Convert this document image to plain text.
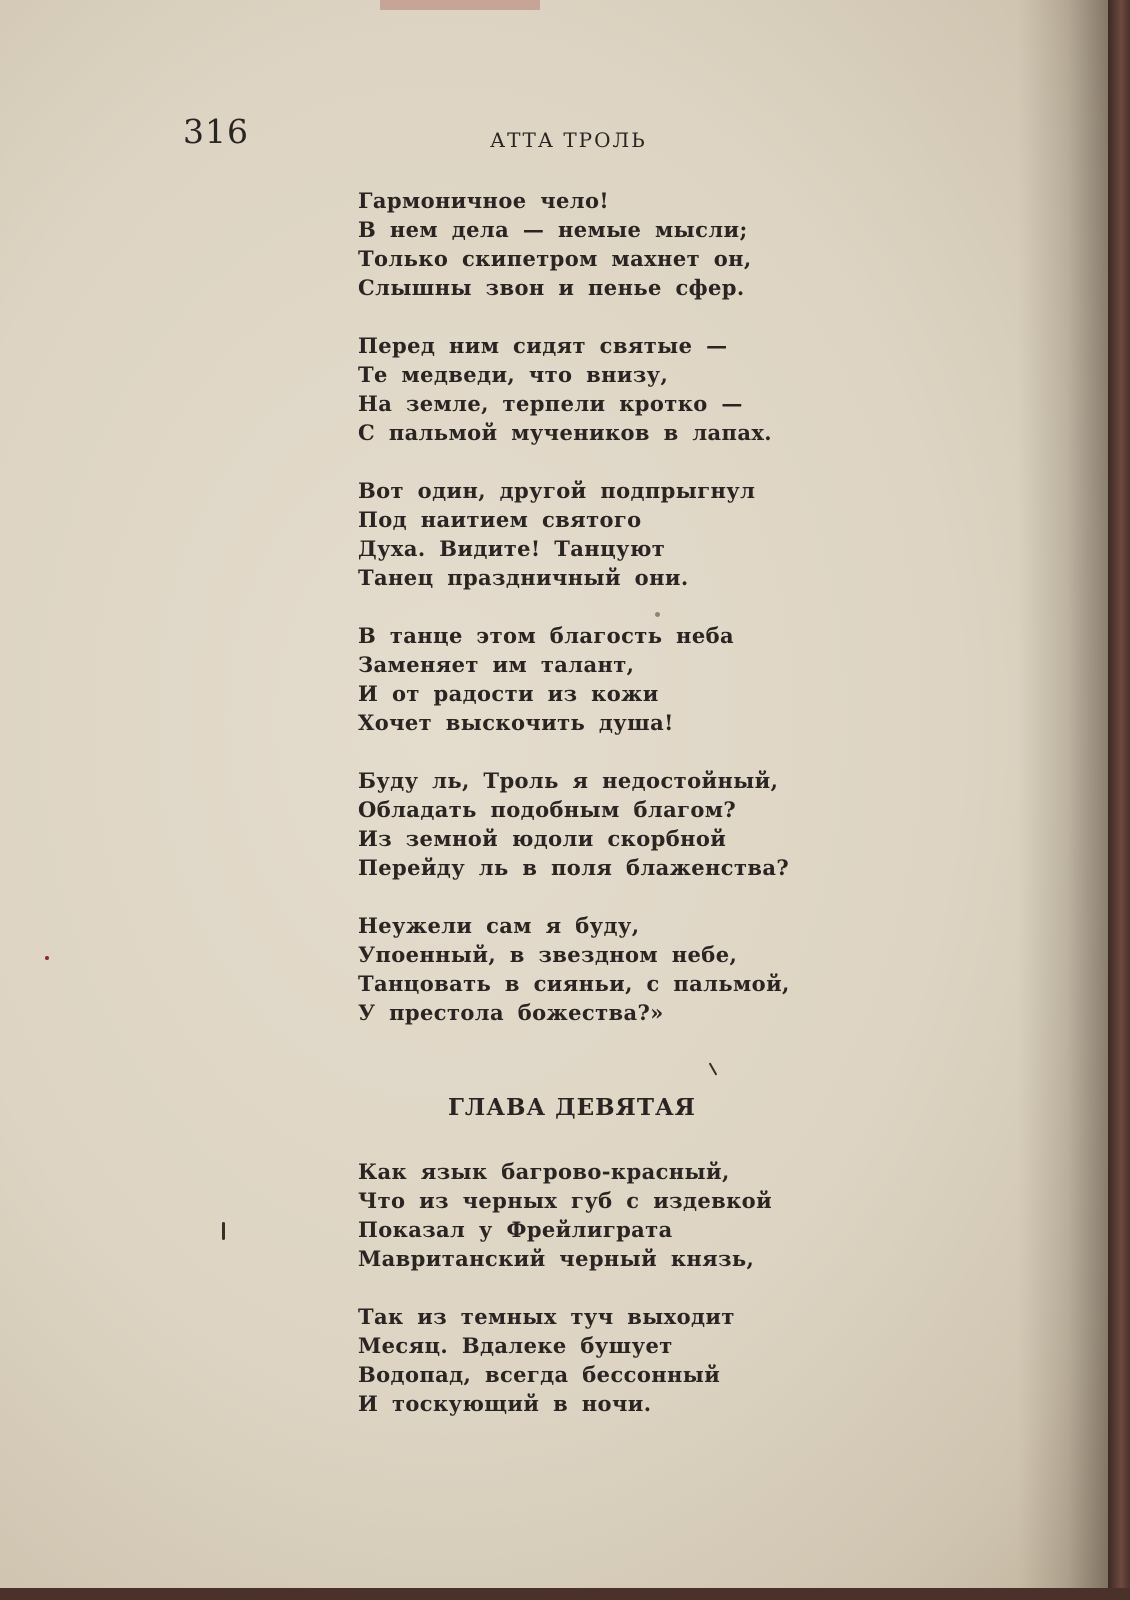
316	АТТА ТРОЛЬ
Гармоничное чело!
В нем дела — немые мысли;
Только скипетром махнет он,
Слышны звон и пенье сфер.
Перед ним сидят святые —
Те медведи, что внизу,
На земле, терпели кротко —
С пальмой мучеников в лапах.
Вот один, другой подпрыгнул
Под наитием святого
Духа. Видите! Танцуют
Танец праздничный они.
В танце этом благость неба
Заменяет им талант,
И от радости из кожи
Хочет выскочить душа!
Буду ль, Троль я недостойный,
Обладать подобным благом?
Из земной юдоли скорбной
Перейду ль в поля блаженства?
Неужели сам я буду,
Упоенный, в звездном небе,
Танцовать в сияньи, с пальмой,
У престола божества?»
ГЛАВА ДЕВЯТАЯ
Как язык багрово-красный,
Что из черных губ с издевкой
Показал у Фрейлиграта
Мавританский черный князь,
Так из темных туч выходит
Месяц. Вдалеке бушует
Водопад, всегда бессонный
И тоскующий в ночи.
